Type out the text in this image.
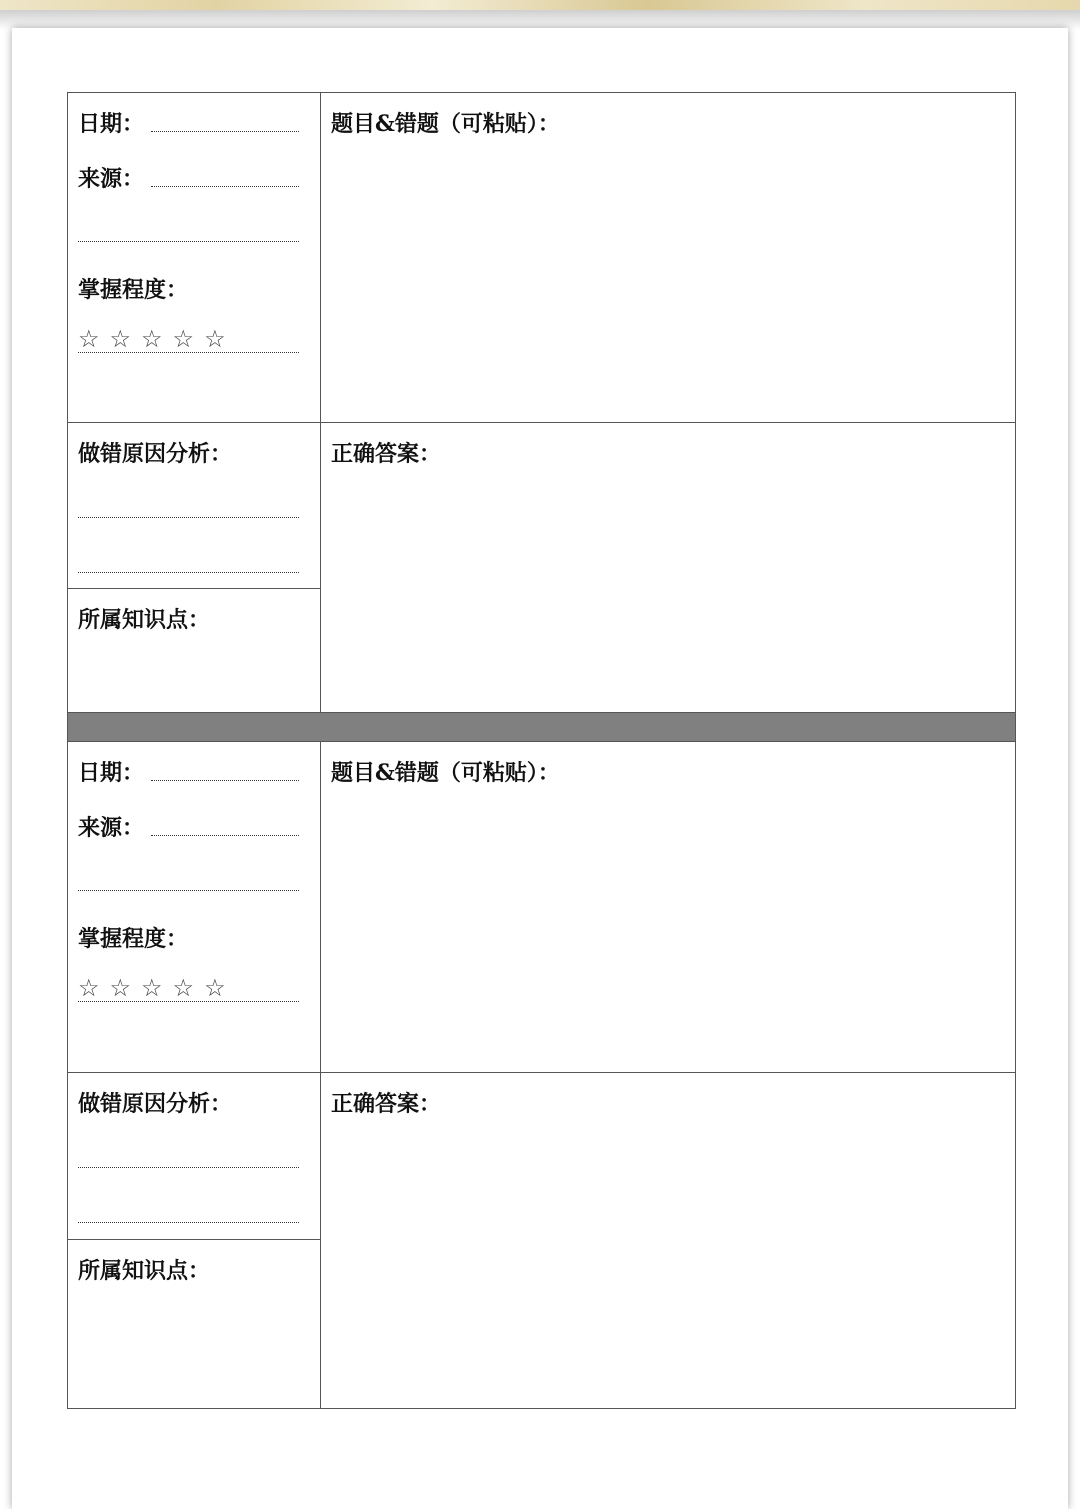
日期：
来源：
掌握程度：
☆☆☆☆☆
题目&错题（可粘贴）：
做错原因分析：	正确答案：
所属知识点：
日期：
来源：
掌握程度：
☆☆☆☆☆
题目&错题（可粘贴）：
做错原因分析：	正确答案：
所属知识点：
